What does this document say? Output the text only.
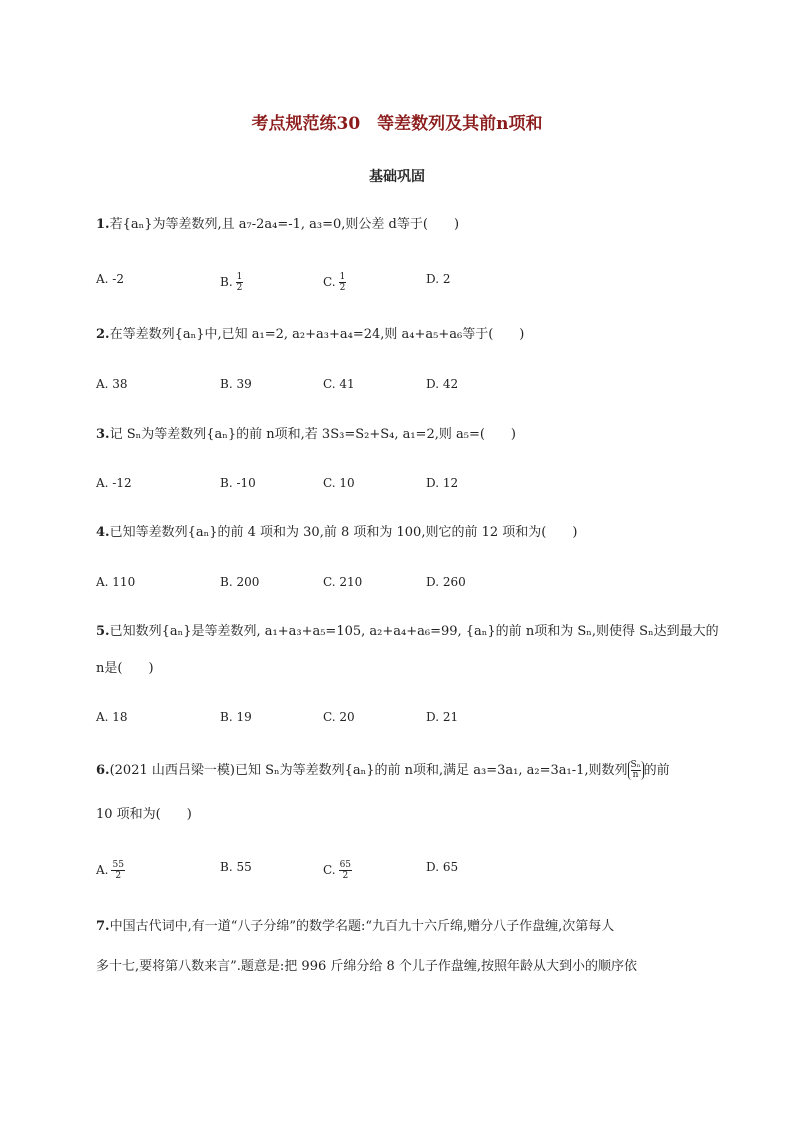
考点规范练30　等差数列及其前n项和
基础巩固
1.若{aₙ}为等差数列,且 a₇-2a₄=-1, a₃=0,则公差 d等于(　　)
A. -2	B. $\frac{1}{2}$	C. $\frac{1}{2}$	D. 2
2.在等差数列{aₙ}中,已知 a₁=2, a₂+a₃+a₄=24,则 a₄+a₅+a₆等于(　　)
A. 38	B. 39	C. 41	D. 42
3.记 Sₙ为等差数列{aₙ}的前 n项和,若 3S₃=S₂+S₄, a₁=2,则 a₅=(　　)
A. -12	B. -10	C. 10	D. 12
4.已知等差数列{aₙ}的前 4 项和为 30,前 8 项和为 100,则它的前 12 项和为(　　)
A. 110	B. 200	C. 210	D. 260
5.已知数列{aₙ}是等差数列, a₁+a₃+a₅=105, a₂+a₄+a₆=99, {aₙ}的前 n项和为 Sₙ,则使得 Sₙ达到最大的
n是(　　)
A. 18	B. 19	C. 20	D. 21
6.(2021 山西吕梁一模)已知 Sₙ为等差数列{aₙ}的前 n项和,满足 a₃=3a₁, a₂=3a₁-1,则数列 $\frac{\text{Sₙ}}{n}$ 的前
10 项和为(　　)
A. $\frac{55}{2}$	B. 55	C. $\frac{65}{2}$	D. 65
7.中国古代词中,有一道“八子分绵”的数学名题:“九百九十六斤绵,赠分八子作盘缠,次第每人
多十七,要将第八数来言”.题意是:把 996 斤绵分给 8 个儿子作盘缠,按照年龄从大到小的顺序依
